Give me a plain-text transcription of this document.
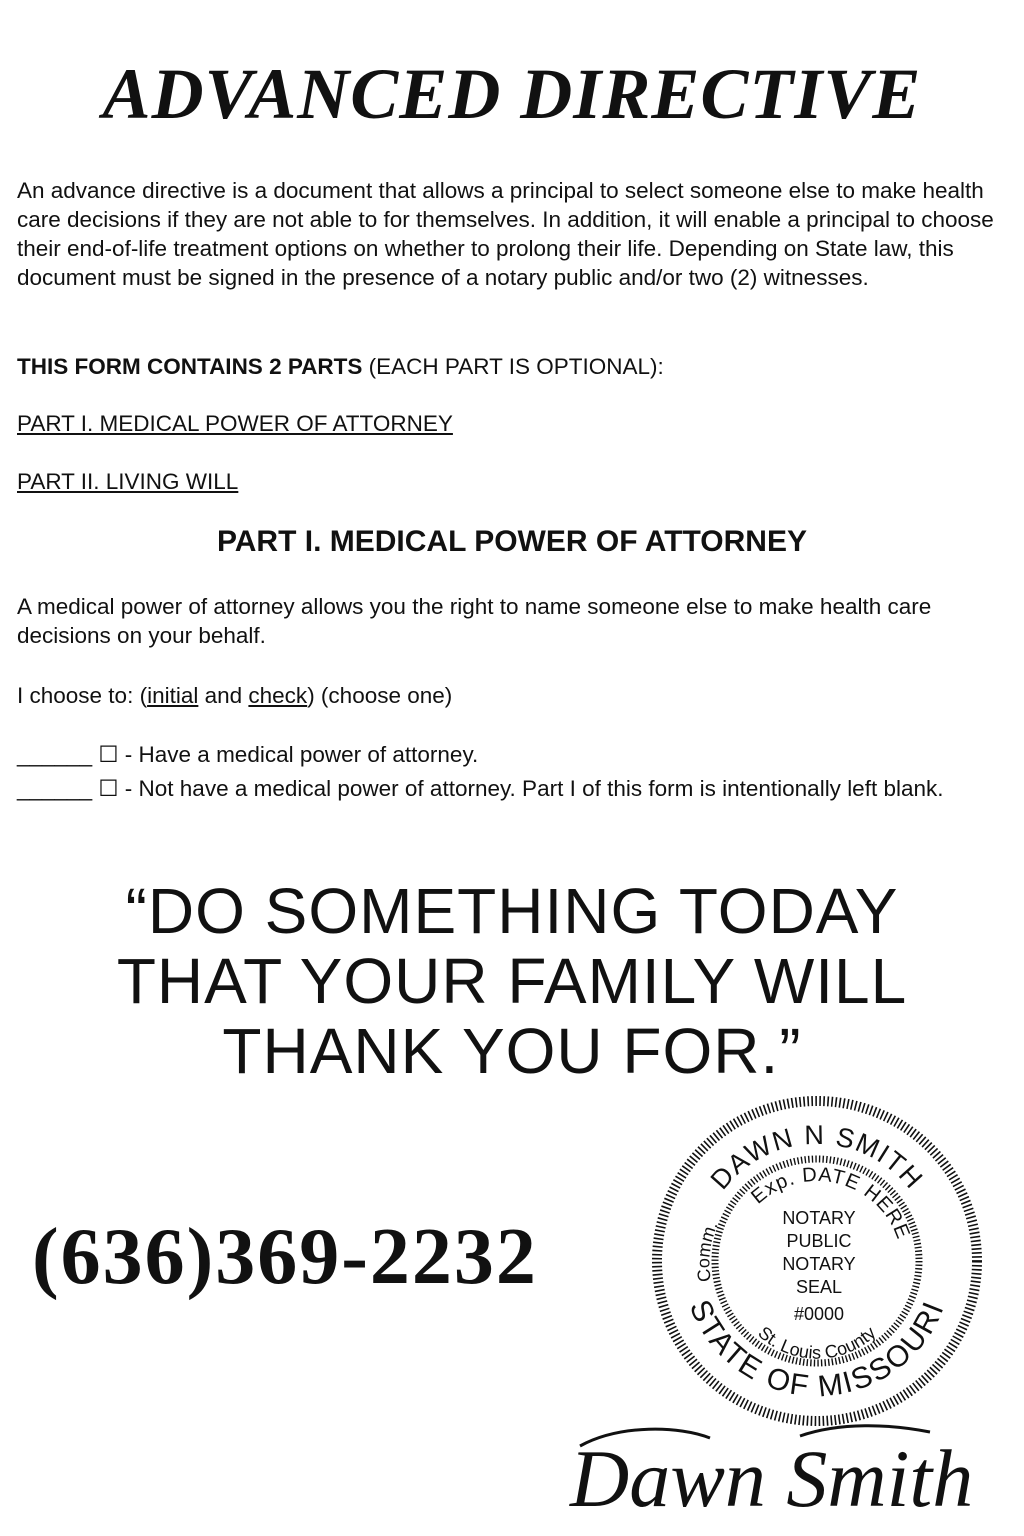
ADVANCED DIRECTIVE

An advance directive is a document that allows a principal to select someone else to make health care decisions if they are not able to for themselves. In addition, it will enable a principal to choose their end-of-life treatment options on whether to prolong their life. Depending on State law, this document must be signed in the presence of a notary public and/or two (2) witnesses.

THIS FORM CONTAINS 2 PARTS (EACH PART IS OPTIONAL):

PART I. MEDICAL POWER OF ATTORNEY

PART II. LIVING WILL

PART I. MEDICAL POWER OF ATTORNEY

A medical power of attorney allows you the right to name someone else to make health care decisions on your behalf.

I choose to: (initial and check) (choose one)

______ ☐ - Have a medical power of attorney.

______ ☐ - Not have a medical power of attorney. Part I of this form is intentionally left blank.

“DO SOMETHING TODAY
THAT YOUR FAMILY WILL
THANK YOU FOR.”

(636)369-2232

DAWN N SMITH
STATE OF MISSOURI
Exp. DATE HERE
Comm.
St. Louis County
NOTARY
PUBLIC
NOTARY
SEAL
#0000
Dawn Smith
